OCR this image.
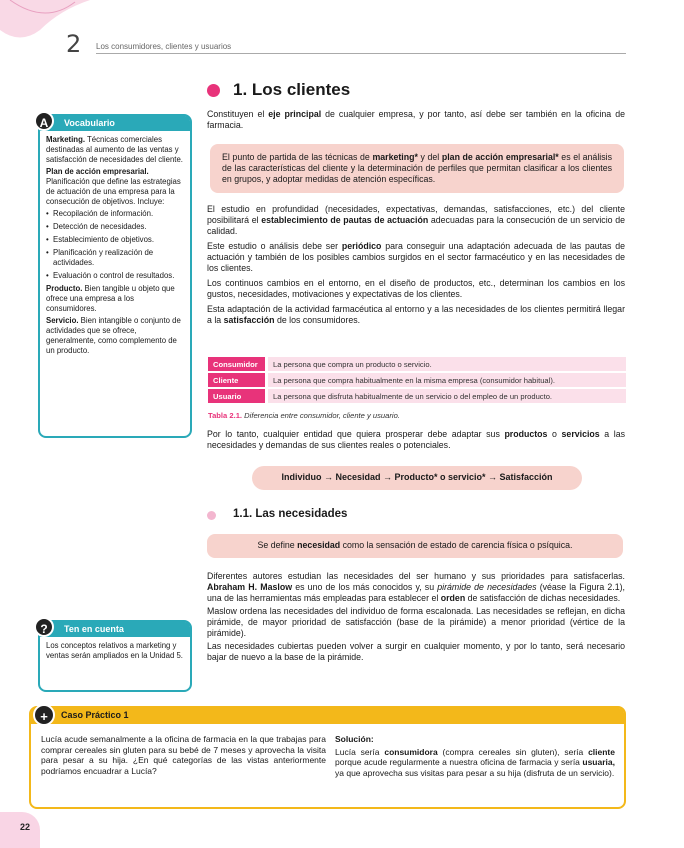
2 Los consumidores, clientes y usuarios
1. Los clientes
A	Vocabulario

Marketing. Técnicas comerciales destinadas al aumento de las ventas y satisfacción de necesidades del cliente.

Plan de acción empresarial. Planificación que define las estrategias de actuación de una empresa para la consecución de objetivos. Incluye:

• Recopilación de información.
• Detección de necesidades.
• Establecimiento de objetivos.
• Planificación y realización de actividades.
• Evaluación o control de resultados.

Producto. Bien tangible u objeto que ofrece una empresa a los consumidores.

Servicio. Bien intangible o conjunto de actividades que se ofrece, generalmente, como complemento de un producto.

?	Ten en cuenta

Los conceptos relativos a marketing y ventas serán ampliados en la Unidad 5.

Constituyen el eje principal de cualquier empresa, y por tanto, así debe ser también en la oficina de farmacia.

El punto de partida de las técnicas de marketing* y del plan de acción empresarial* es el análisis de las características del cliente y la determinación de perfiles que permitan clasificar a los clientes en grupos, y adoptar medidas de atención específicas.

El estudio en profundidad (necesidades, expectativas, demandas, satisfacciones, etc.) del cliente posibilitará el establecimiento de pautas de actuación adecuadas para la consecución de un servicio de calidad.

Este estudio o análisis debe ser periódico para conseguir una adaptación adecuada de las pautas de actuación y también de los posibles cambios surgidos en el sector farmacéutico y en las necesidades de los clientes.

Los continuos cambios en el entorno, en el diseño de productos, etc., determinan los cambios en los gustos, necesidades, motivaciones y expectativas de los clientes.

Esta adaptación de la actividad farmacéutica al entorno y a las necesidades de los clientes permitirá llegar a la satisfacción de los consumidores.

Consumidor	La persona que compra un producto o servicio.
Cliente	La persona que compra habitualmente en la misma empresa (consumidor habitual).
Usuario	La persona que disfruta habitualmente de un servicio o del empleo de un producto.
Tabla 2.1. Diferencia entre consumidor, cliente y usuario.

Por lo tanto, cualquier entidad que quiera prosperar debe adaptar sus productos o servicios a las necesidades y demandas de sus clientes reales o potenciales.

Individuo → Necesidad → Producto* o servicio* → Satisfacción
1.1. Las necesidades
Se define necesidad como la sensación de estado de carencia física o psíquica.

Diferentes autores estudian las necesidades del ser humano y sus prioridades para satisfacerlas. Abraham H. Maslow es uno de los más conocidos y, su pirámide de necesidades (véase la Figura 2.1), una de las herramientas más empleadas para establecer el orden de satisfacción de dichas necesidades.

Maslow ordena las necesidades del individuo de forma escalonada. Las necesidades se reflejan, en dicha pirámide, de mayor prioridad de satisfacción (base de la pirámide) a menor prioridad (vértice de la pirámide).

Las necesidades cubiertas pueden volver a surgir en cualquier momento, y por lo tanto, será necesario bajar de nuevo a la base de la pirámide.

+	Caso Práctico 1
Lucía acude semanalmente a la oficina de farmacia en la que trabajas para comprar cereales sin gluten para su bebé de 7 meses y aprovecha la visita para pesar a su hija. ¿En qué categorías de las vistas anteriormente podríamos encuadrar a Lucía?
Solución:

Lucía sería consumidora (compra cereales sin gluten), sería cliente porque acude regularmente a nuestra oficina de farmacia y sería usuaria, ya que aprovecha sus visitas para pesar a su hija (disfruta de un servicio).

22
